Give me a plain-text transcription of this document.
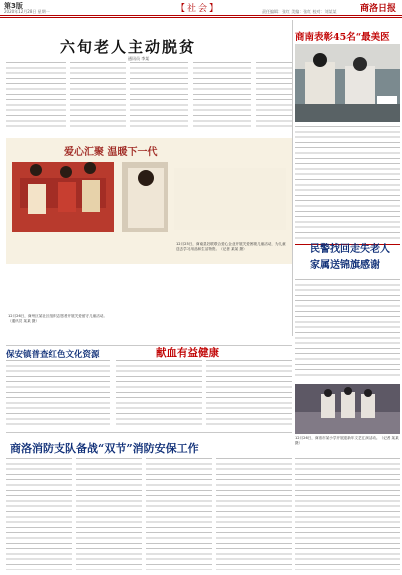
第3版	【社会】	商洛日报
2020年12月28日 星期一	责任编辑：张红 美编：张红 校对：刘某某
六旬老人主动脱贫
通讯员 李某
商南表彰45名“最美医
爱心汇聚 温暖下一代
12月25日，商南县妇联联合爱心企业开展关爱困境儿童活动，为儿童送去学习用品和生活物资。（记者 某某 摄）
12月26日，商州区某社区组织志愿者开展关爱留守儿童活动。（通讯员 某某 摄）
民警找回走失老人
家属送锦旗感谢
保安镇普查红色文化资源	献血有益健康
商洛消防支队备战“双节”消防安保工作
12月26日，商洛市某小学开展迎新年文艺汇演活动。（记者 某某 摄）
